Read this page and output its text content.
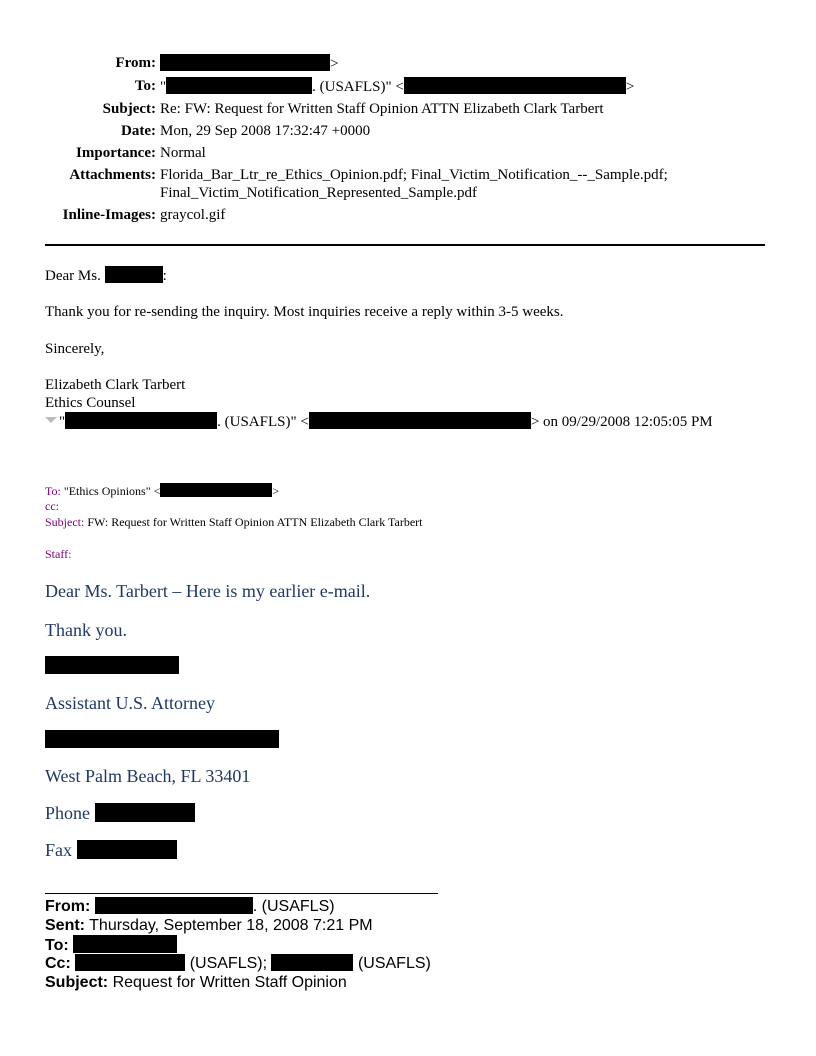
From:	>
To: "	. (USAFLS)" <	>
Subject: Re: FW: Request for Written Staff Opinion ATTN Elizabeth Clark Tarbert
Date: Mon, 29 Sep 2008 17:32:47 +0000
Importance: Normal
Attachments: Florida_Bar_Ltr_re_Ethics_Opinion.pdf; Final_Victim_Notification_--_Sample.pdf;
Final_Victim_Notification_Represented_Sample.pdf
Inline-Images: graycol.gif
Dear Ms.	:
Thank you for re-sending the inquiry. Most inquiries receive a reply within 3-5 weeks.
Sincerely,
Elizabeth Clark Tarbert
Ethics Counsel
"	. (USAFLS)" <	> on 09/29/2008 12:05:05 PM
To: "Ethics Opinions" <	>
cc:
Subject: FW: Request for Written Staff Opinion ATTN Elizabeth Clark Tarbert
Staff:
Dear Ms. Tarbert – Here is my earlier e-mail.
Thank you.
Assistant U.S. Attorney
West Palm Beach, FL 33401
Phone
Fax
From:	. (USAFLS)
Sent: Thursday, September 18, 2008 7:21 PM
To:
Cc:	(USAFLS);	(USAFLS)
Subject: Request for Written Staff Opinion
